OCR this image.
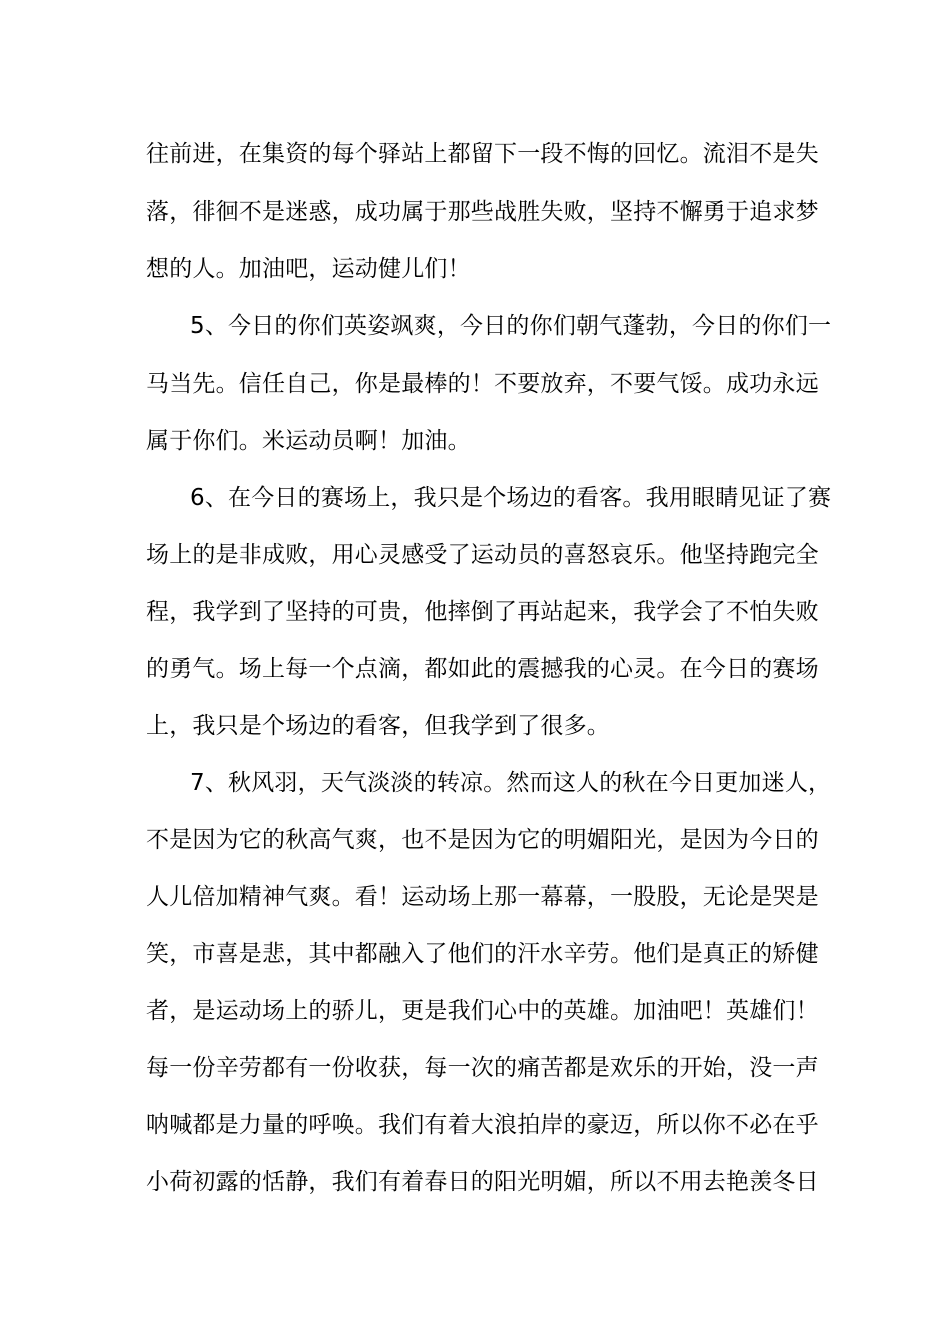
往前进，在集资的每个驿站上都留下一段不悔的回忆。流泪不是失
落，徘徊不是迷惑，成功属于那些战胜失败，坚持不懈勇于追求梦
想的人。加油吧，运动健儿们！
5、今日的你们英姿飒爽，今日的你们朝气蓬勃，今日的你们一
马当先。信任自己，你是最棒的！不要放弃，不要气馁。成功永远
属于你们。米运动员啊！加油。
6、在今日的赛场上，我只是个场边的看客。我用眼睛见证了赛
场上的是非成败，用心灵感受了运动员的喜怒哀乐。他坚持跑完全
程，我学到了坚持的可贵，他摔倒了再站起来，我学会了不怕失败
的勇气。场上每一个点滴，都如此的震撼我的心灵。在今日的赛场
上，我只是个场边的看客，但我学到了很多。
7、秋风羽，天气淡淡的转凉。然而这人的秋在今日更加迷人，
不是因为它的秋高气爽，也不是因为它的明媚阳光，是因为今日的
人儿倍加精神气爽。看！运动场上那一幕幕，一股股，无论是哭是
笑，市喜是悲，其中都融入了他们的汗水辛劳。他们是真正的矫健
者，是运动场上的骄儿，更是我们心中的英雄。加油吧！英雄们！
每一份辛劳都有一份收获，每一次的痛苦都是欢乐的开始，没一声
呐喊都是力量的呼唤。我们有着大浪拍岸的豪迈，所以你不必在乎
小荷初露的恬静，我们有着春日的阳光明媚，所以不用去艳羡冬日
